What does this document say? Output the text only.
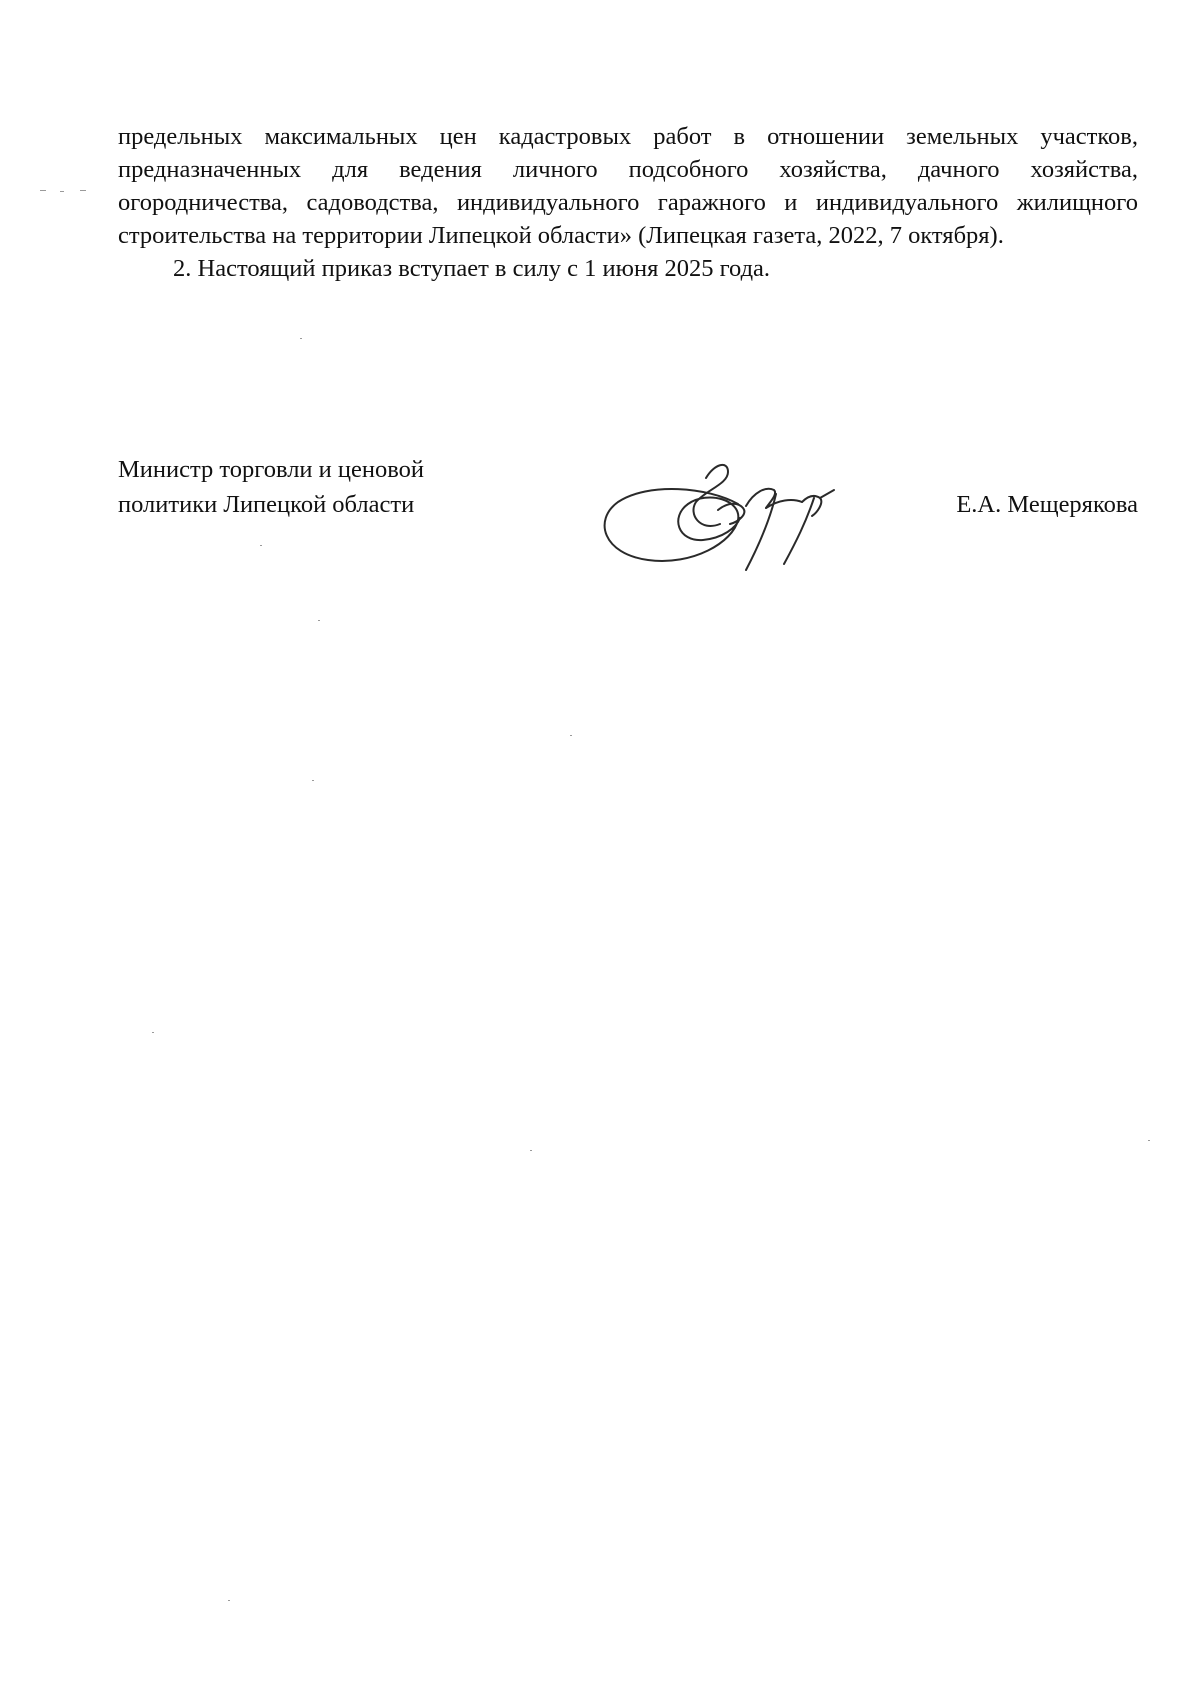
предельных максимальных цен кадастровых работ в отношении земельных участков, предназначенных для ведения личного подсобного хозяйства, дачного хозяйства, огородничества, садоводства, индивидуального гаражного и индивидуального жилищного строительства на территории Липецкой области» (Липецкая газета, 2022, 7 октября).

2. Настоящий приказ вступает в силу с 1 июня 2025 года.

Министр торговли и ценовой
политики Липецкой области	Е.А. Мещерякова
